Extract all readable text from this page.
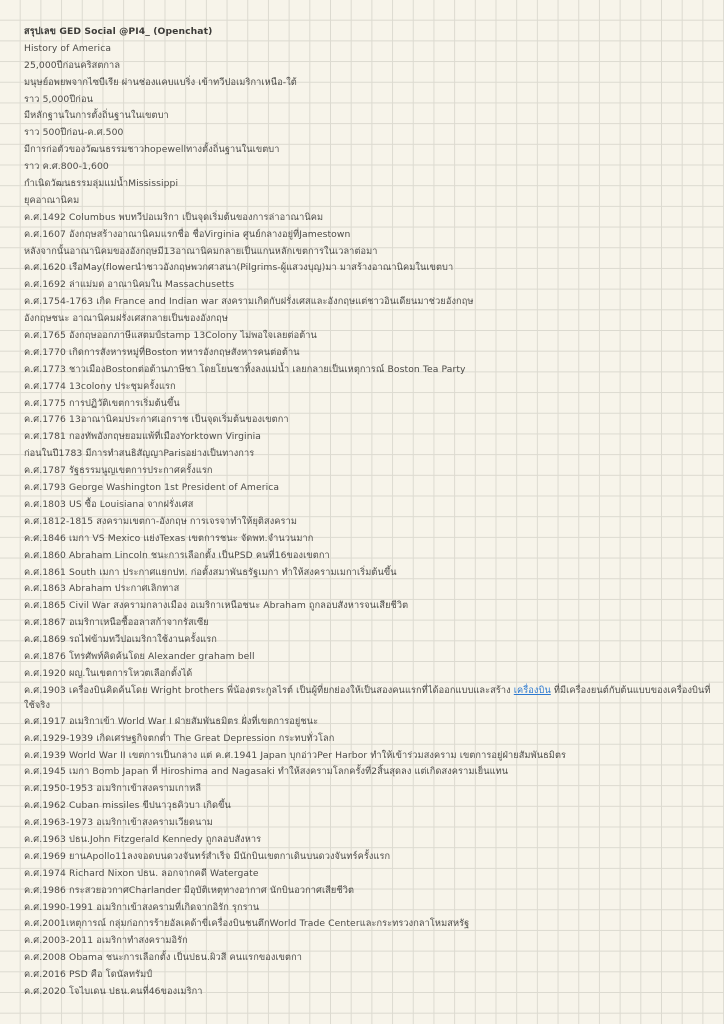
สรุปเลข GED Social @PI4_ (Openchat)
History of America
25,000ปีก่อนคริสตกาล
มนุษย์อพยพจากไซบีเรีย ผ่านช่องแคบแบริ่ง เข้าทวีปอเมริกาเหนือ-ใต้
ราว 5,000ปีก่อน
มีหลักฐานในการตั้งถิ่นฐานในเขตบา
ราว 500ปีก่อน-ค.ศ.500
มีการก่อตัวของวัฒนธรรมชาวhopewellทางตั้งถิ่นฐานในเขตบา
ราว ค.ศ.800-1,600
กำเนิดวัฒนธรรมลุ่มแม่น้ำMississippi
ยุคอาณานิคม
ค.ศ.1492 Columbus พบทวีปอเมริกา เป็นจุดเริ่มต้นของการล่าอาณานิคม
ค.ศ.1607 อังกฤษสร้างอาณานิคมแรกชื่อ ชื่อVirginia ศูนย์กลางอยู่ที่Jamestown
หลังจากนั้นอาณานิคมของอังกฤษมี13อาณานิคมกลายเป็นแกนหลักเขตการในเวลาต่อมา
ค.ศ.1620 เรือMay(flowerนำชาวอังกฤษพวกศาสนา(Pilgrims-ผู้แสวงบุญ)มา มาสร้างอาณานิคมในเขตบา
ค.ศ.1692 ล่าแม่มด อาณานิคมใน Massachusetts
ค.ศ.1754-1763 เกิด France and Indian war สงครามเกิดกับฝรั่งเศสและอังกฤษแต่ชาวอินเดียนมาช่วยอังกฤษ
อังกฤษชนะ อาณานิคมฝรั่งเศสกลายเป็นของอังกฤษ
ค.ศ.1765 อังกฤษออกภาษีแสตมป์stamp 13Colony ไม่พอใจเลยต่อต้าน
ค.ศ.1770 เกิดการสังหารหมู่ที่Boston ทหารอังกฤษสังหารคนต่อต้าน
ค.ศ.1773 ชาวเมืองBostonต่อต้านภาษีชา โดยโยนชาทิ้งลงแม่น้ำ เลยกลายเป็นเหตุการณ์ Boston Tea Party
ค.ศ.1774 13colony ประชุมครั้งแรก
ค.ศ.1775 การปฏิวัติเขตการเริ่มต้นขึ้น
ค.ศ.1776 13อาณานิคมประกาศเอกราช เป็นจุดเริ่มต้นของเขตกา
ค.ศ.1781 กองทัพอังกฤษยอมแพ้ที่เมืองYorktown Virginia
ก่อนในปี1783 มีการทำสนธิสัญญาParisอย่างเป็นทางการ
ค.ศ.1787 รัฐธรรมนูญเขตการประกาศครั้งแรก
ค.ศ.1793 George Washington 1st President of America
ค.ศ.1803 US ซื้อ Louisiana จากฝรั่งเศส
ค.ศ.1812-1815 สงครามเขตกา-อังกฤษ การเจรจาทำให้ยุติสงคราม
ค.ศ.1846 เมกา VS Mexico แย่งTexas เขตการชนะ จัดพท.จำนวนมาก
ค.ศ.1860 Abraham Lincoln ชนะการเลือกตั้ง เป็นPSD คนที่16ของเขตกา
ค.ศ.1861 South เมกา ประกาศแยกปท. ก่อตั้งสมาพันธรัฐเมกา ทำให้สงครามเมกาเริ่มต้นขึ้น
ค.ศ.1863 Abraham ประกาศเลิกทาส
ค.ศ.1865 Civil War สงครามกลางเมือง อเมริกาเหนือชนะ Abraham ถูกลอบสังหารจนเสียชีวิต
ค.ศ.1867 อเมริกาเหนือซื้ออลาสก้าจากรัสเซีย
ค.ศ.1869 รถไฟข้ามทวีปอเมริกาใช้งานครั้งแรก
ค.ศ.1876 โทรศัพท์คิดค้นโดย Alexander graham bell
ค.ศ.1920 ผญ.ในเขตการโหวตเลือกตั้งได้
ค.ศ.1903 เครื่องบินคิดค้นโดย Wright brothers พี่น้องตระกูลไรต์ เป็นผู้ที่ยกย่องให้เป็นสองคนแรกที่ได้ออกแบบและสร้าง เครื่องบิน ที่มีเครื่องยนต์กับต้นแบบของเครื่องบินที่ใช้จริง
ค.ศ.1917 อเมริกาเข้า World War I ฝ่ายสัมพันธมิตร ฝั่งที่เขตการอยู่ชนะ
ค.ศ.1929-1939 เกิดเศรษฐกิจตกต่ำ The Great Depression กระทบทั่วโลก
ค.ศ.1939 World War II เขตการเป็นกลาง แต่ ค.ศ.1941 Japan บุกอ่าวPer Harbor ทำให้เข้าร่วมสงคราม เขตการอยู่ฝ่ายสัมพันธมิตร
ค.ศ.1945 เมกา Bomb Japan ที่ Hiroshima and Nagasaki ทำให้สงครามโลกครั้งที่2สิ้นสุดลง แต่เกิดสงครามเย็นแทน
ค.ศ.1950-1953 อเมริกาเข้าสงครามเกาหลี
ค.ศ.1962 Cuban missiles ขีปนาวุธคิวบา เกิดขึ้น
ค.ศ.1963-1973 อเมริกาเข้าสงครามเวียดนาม
ค.ศ.1963 ปธน.John Fitzgerald Kennedy ถูกลอบสังหาร
ค.ศ.1969 ยานApollo11ลงจอดบนดวงจันทร์สำเร็จ มีนักบินเขตกาเดินบนดวงจันทร์ครั้งแรก
ค.ศ.1974 Richard Nixon ปธน. ลอกจากคดี Watergate
ค.ศ.1986 กระสวยอวกาศCharlander มีอุบัติเหตุทางอากาศ นักบินอวกาศเสียชีวิต
ค.ศ.1990-1991 อเมริกาเข้าสงครามที่เกิดจากอิรัก รุกราน
ค.ศ.2001เหตุการณ์ กลุ่มก่อการร้ายอัลเคด้าขี่เครื่องบินชนตึกWorld Trade Centerและกระทรวงกลาโหมสหรัฐ
ค.ศ.2003-2011 อเมริกาทำสงครามอิรัก
ค.ศ.2008 Obama ชนะการเลือกตั้ง เป็นปธน.ผิวสี คนแรกของเขตกา
ค.ศ.2016 PSD คือ โดนัลทรัมป์
ค.ศ.2020 โจไบเดน ปธน.คนที่46ของเมริกา
